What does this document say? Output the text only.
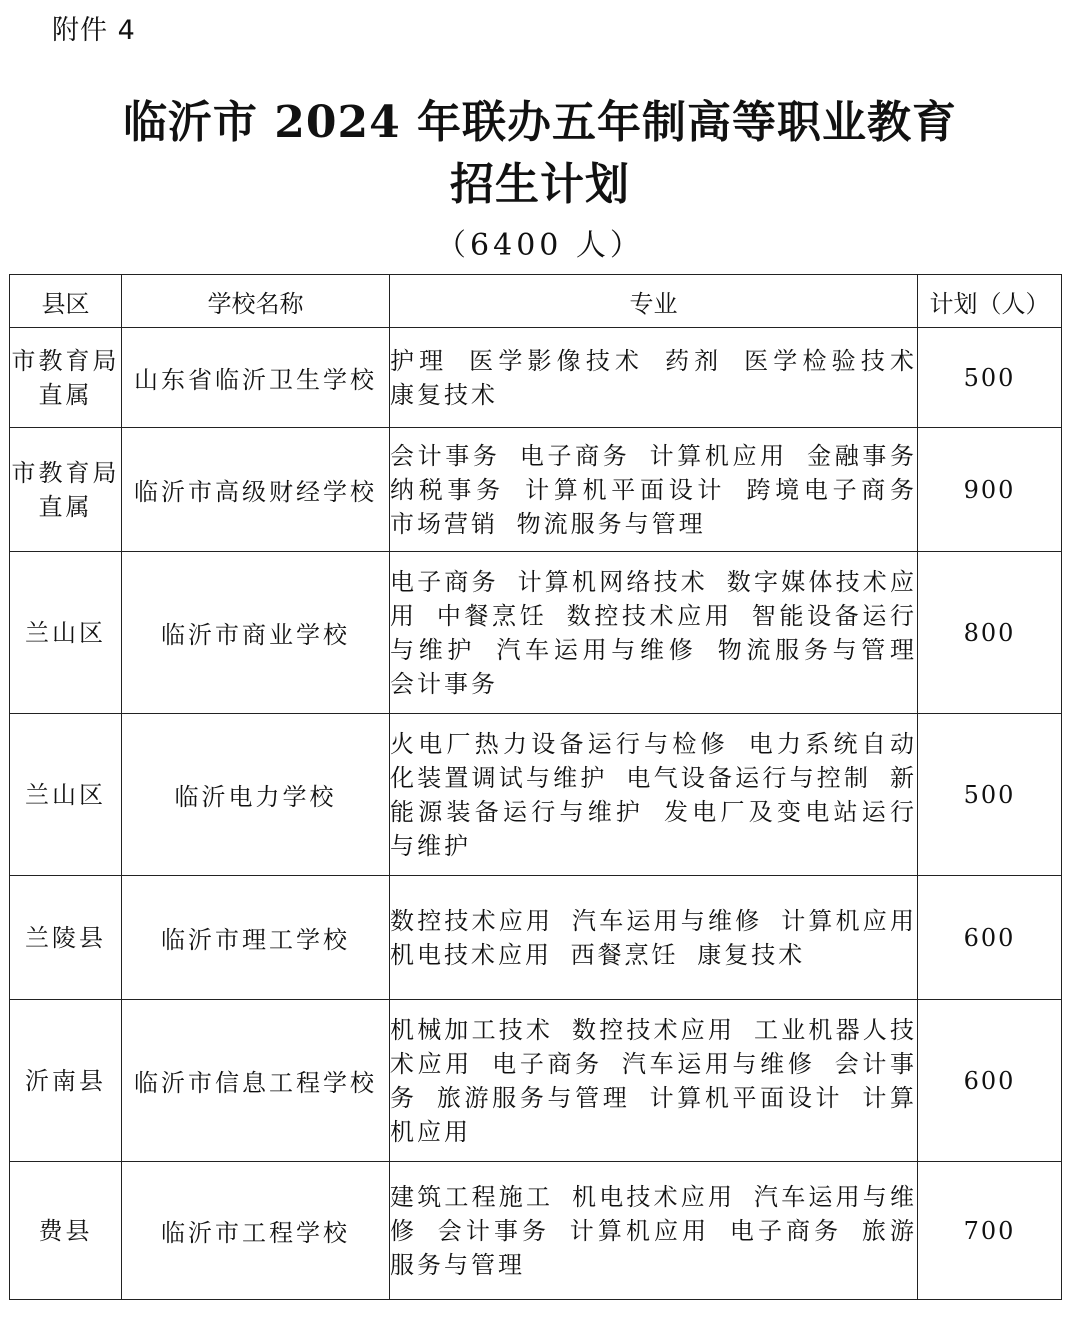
附件 4
临沂市 2024 年联办五年制高等职业教育
招生计划
（6400 人）
县区	学校名称	专业	计划（人）
市教育局直属	山东省临沂卫生学校	护理 医学影像技术 药剂 医学检验技术 康复技术	500
市教育局直属	临沂市高级财经学校	会计事务 电子商务 计算机应用 金融事务 纳税事务 计算机平面设计 跨境电子商务 市场营销 物流服务与管理	900
兰山区	临沂市商业学校	电子商务 计算机网络技术 数字媒体技术应用 中餐烹饪 数控技术应用 智能设备运行与维护 汽车运用与维修 物流服务与管理 会计事务	800
兰山区	临沂电力学校	火电厂热力设备运行与检修 电力系统自动化装置调试与维护 电气设备运行与控制 新能源装备运行与维护 发电厂及变电站运行与维护	500
兰陵县	临沂市理工学校	数控技术应用 汽车运用与维修 计算机应用 机电技术应用 西餐烹饪 康复技术	600
沂南县	临沂市信息工程学校	机械加工技术 数控技术应用 工业机器人技术应用 电子商务 汽车运用与维修 会计事务 旅游服务与管理 计算机平面设计 计算机应用	600
费县	临沂市工程学校	建筑工程施工 机电技术应用 汽车运用与维修 会计事务 计算机应用 电子商务 旅游服务与管理	700
